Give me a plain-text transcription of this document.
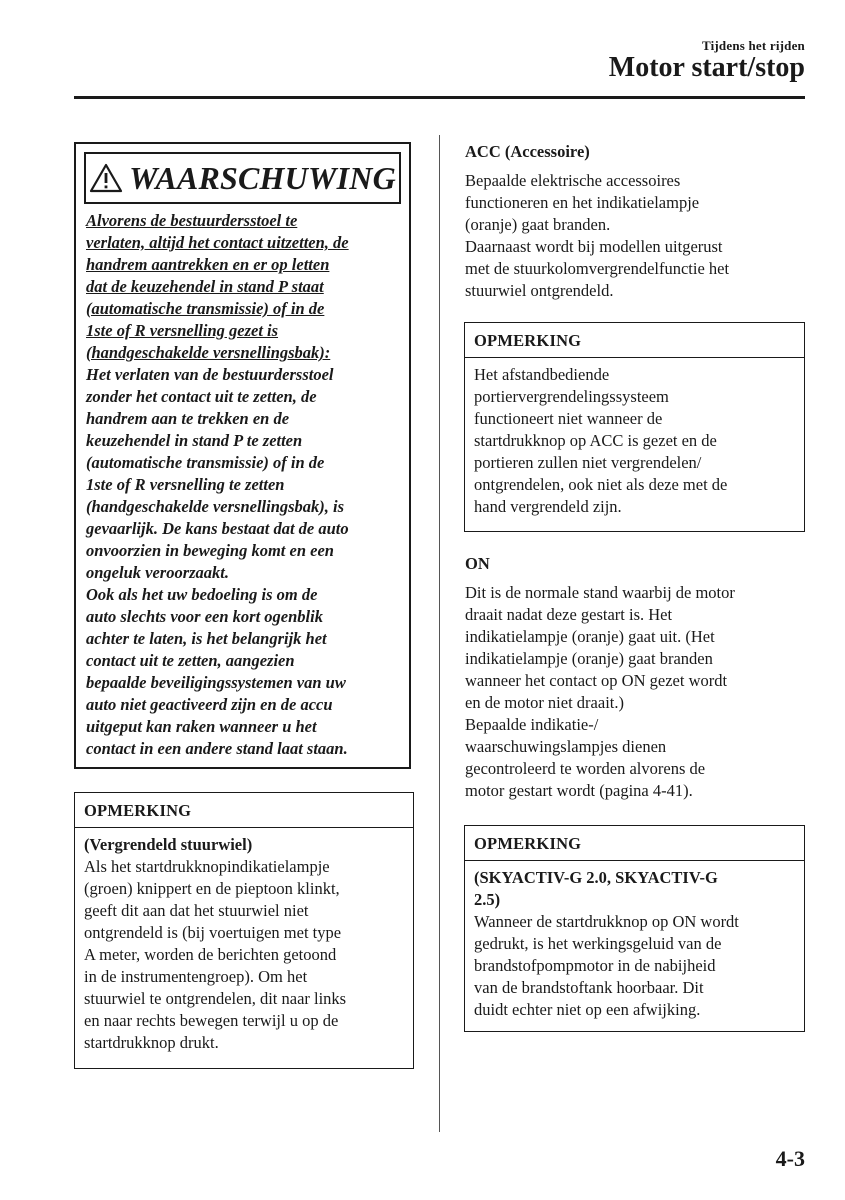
Tijdens het rijden
Motor start/stop
WAARSCHUWING
Alvorens de bestuurdersstoel te
verlaten, altijd het contact uitzetten, de
handrem aantrekken en er op letten
dat de keuzehendel in stand P staat
(automatische transmissie) of in de
1ste of R versnelling gezet is
(handgeschakelde versnellingsbak):
Het verlaten van de bestuurdersstoel
zonder het contact uit te zetten, de
handrem aan te trekken en de
keuzehendel in stand P te zetten
(automatische transmissie) of in de
1ste of R versnelling te zetten
(handgeschakelde versnellingsbak), is
gevaarlijk. De kans bestaat dat de auto
onvoorzien in beweging komt en een
ongeluk veroorzaakt.
Ook als het uw bedoeling is om de
auto slechts voor een kort ogenblik
achter te laten, is het belangrijk het
contact uit te zetten, aangezien
bepaalde beveiligingssystemen van uw
auto niet geactiveerd zijn en de accu
uitgeput kan raken wanneer u het
contact in een andere stand laat staan.
OPMERKING
(Vergrendeld stuurwiel)
Als het startdrukknopindikatielampje
(groen) knippert en de pieptoon klinkt,
geeft dit aan dat het stuurwiel niet
ontgrendeld is (bij voertuigen met type
A meter, worden de berichten getoond
in de instrumentengroep). Om het
stuurwiel te ontgrendelen, dit naar links
en naar rechts bewegen terwijl u op de
startdrukknop drukt.
ACC (Accessoire)
Bepaalde elektrische accessoires
functioneren en het indikatielampje
(oranje) gaat branden.
Daarnaast wordt bij modellen uitgerust
met de stuurkolomvergrendelfunctie het
stuurwiel ontgrendeld.
OPMERKING
Het afstandbediende
portiervergrendelingssysteem
functioneert niet wanneer de
startdrukknop op ACC is gezet en de
portieren zullen niet vergrendelen/
ontgrendelen, ook niet als deze met de
hand vergrendeld zijn.
ON
Dit is de normale stand waarbij de motor
draait nadat deze gestart is. Het
indikatielampje (oranje) gaat uit. (Het
indikatielampje (oranje) gaat branden
wanneer het contact op ON gezet wordt
en de motor niet draait.)
Bepaalde indikatie-/
waarschuwingslampjes dienen
gecontroleerd te worden alvorens de
motor gestart wordt (pagina 4-41).
OPMERKING
(SKYACTIV-G 2.0, SKYACTIV-G
2.5)
Wanneer de startdrukknop op ON wordt
gedrukt, is het werkingsgeluid van de
brandstofpompmotor in de nabijheid
van de brandstoftank hoorbaar. Dit
duidt echter niet op een afwijking.
4-3
